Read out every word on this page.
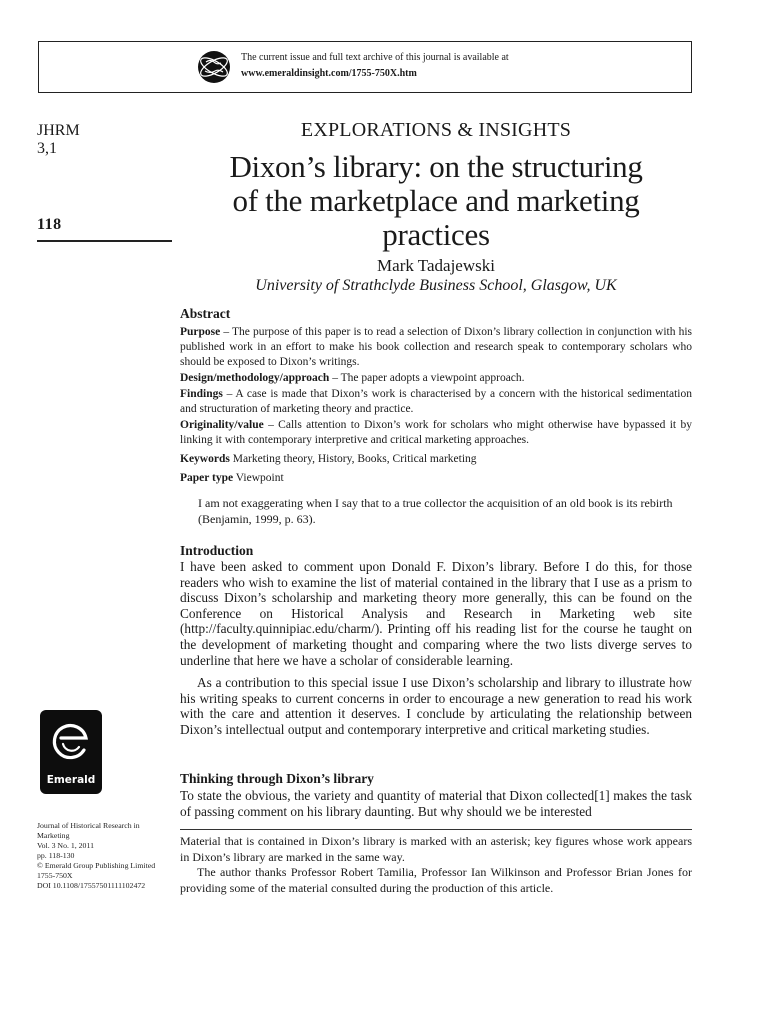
The current issue and full text archive of this journal is available at
www.emeraldinsight.com/1755-750X.htm
JHRM
3,1
118
EXPLORATIONS & INSIGHTS
Dixon’s library: on the structuring
of the marketplace and marketing
practices
Mark Tadajewski
University of Strathclyde Business School, Glasgow, UK
Abstract
Purpose – The purpose of this paper is to read a selection of Dixon’s library collection in conjunction with his published work in an effort to make his book collection and research speak to contemporary scholars who should be exposed to Dixon’s writings.
Design/methodology/approach – The paper adopts a viewpoint approach.
Findings – A case is made that Dixon’s work is characterised by a concern with the historical sedimentation and structuration of marketing theory and practice.
Originality/value – Calls attention to Dixon’s work for scholars who might otherwise have bypassed it by linking it with contemporary interpretive and critical marketing approaches.
Keywords Marketing theory, History, Books, Critical marketing
Paper type Viewpoint
I am not exaggerating when I say that to a true collector the acquisition of an old book is its rebirth (Benjamin, 1999, p. 63).
Introduction
I have been asked to comment upon Donald F. Dixon’s library. Before I do this, for those readers who wish to examine the list of material contained in the library that I use as a prism to discuss Dixon’s scholarship and marketing theory more generally, this can be found on the Conference on Historical Analysis and Research in Marketing web site (http://faculty.quinnipiac.edu/charm/). Printing off his reading list for the course he taught on the development of marketing thought and comparing where the two lists diverge serves to underline that here we have a scholar of considerable learning.
As a contribution to this special issue I use Dixon’s scholarship and library to illustrate how his writing speaks to current concerns in order to encourage a new generation to read his work with the care and attention it deserves. I conclude by articulating the relationship between Dixon’s intellectual output and contemporary interpretive and critical marketing studies.
Thinking through Dixon’s library
To state the obvious, the variety and quantity of material that Dixon collected[1] makes the task of passing comment on his library daunting. But why should we be interested
Material that is contained in Dixon’s library is marked with an asterisk; key figures whose work appears in Dixon’s library are marked in the same way.
The author thanks Professor Robert Tamilia, Professor Ian Wilkinson and Professor Brian Jones for providing some of the material consulted during the production of this article.
Emerald
Journal of Historical Research in
Marketing
Vol. 3 No. 1, 2011
pp. 118-130
© Emerald Group Publishing Limited
1755-750X
DOI 10.1108/17557501111102472
